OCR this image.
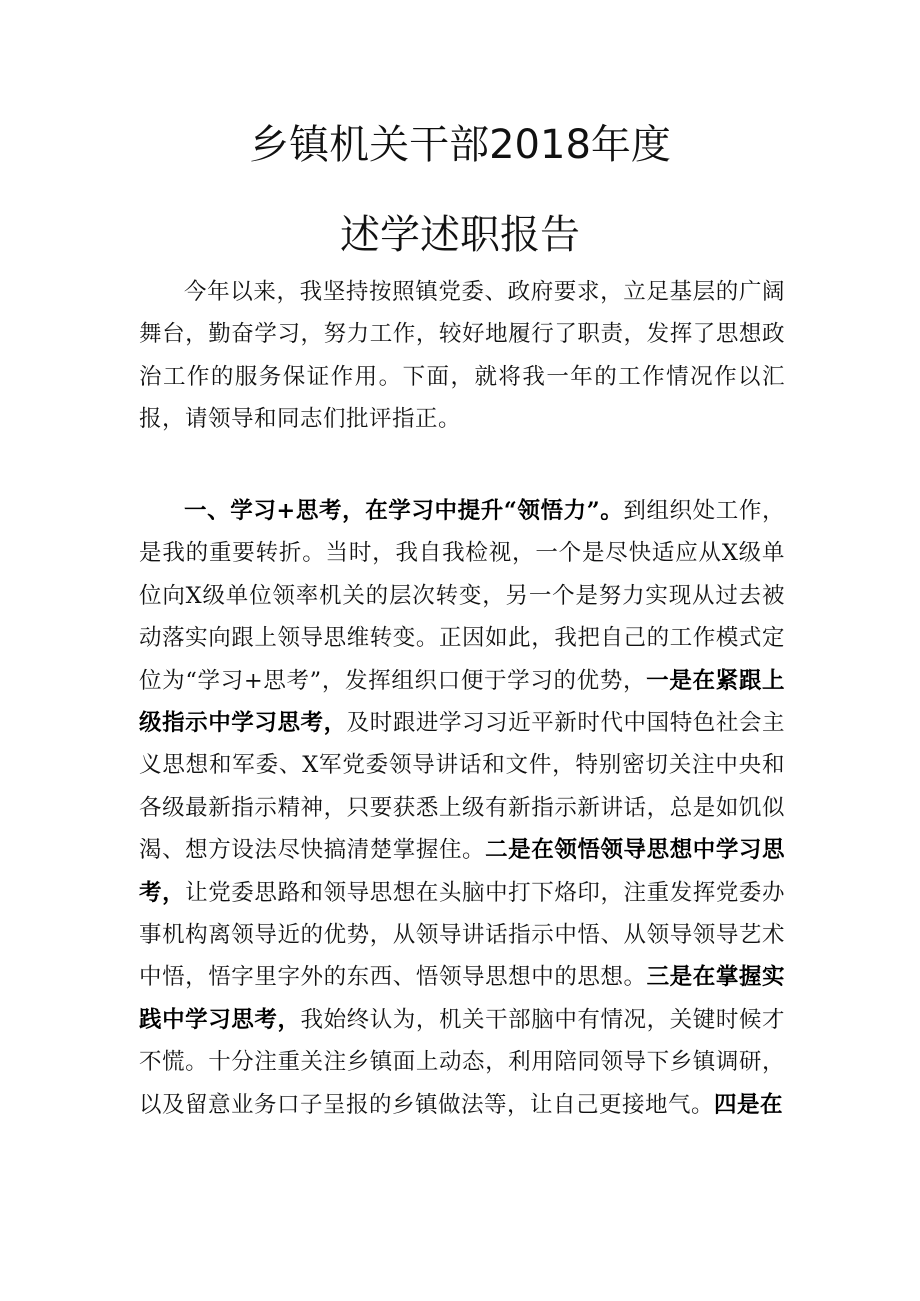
乡镇机关干部2018年度
述学述职报告

今年以来，我坚持按照镇党委、政府要求，立足基层的广阔舞台，勤奋学习，努力工作，较好地履行了职责，发挥了思想政治工作的服务保证作用。下面，就将我一年的工作情况作以汇报，请领导和同志们批评指正。

一、学习+思考，在学习中提升“领悟力”。到组织处工作，是我的重要转折。当时，我自我检视，一个是尽快适应从X级单位向X级单位领率机关的层次转变，另一个是努力实现从过去被动落实向跟上领导思维转变。正因如此，我把自己的工作模式定位为“学习+思考”，发挥组织口便于学习的优势，一是在紧跟上级指示中学习思考，及时跟进学习习近平新时代中国特色社会主义思想和军委、X军党委领导讲话和文件，特别密切关注中央和各级最新指示精神，只要获悉上级有新指示新讲话，总是如饥似渴、想方设法尽快搞清楚掌握住。二是在领悟领导思想中学习思考，让党委思路和领导思想在头脑中打下烙印，注重发挥党委办事机构离领导近的优势，从领导讲话指示中悟、从领导领导艺术中悟，悟字里字外的东西、悟领导思想中的思想。三是在掌握实践中学习思考，我始终认为，机关干部脑中有情况，关键时候才不慌。十分注重关注乡镇面上动态，利用陪同领导下乡镇调研，以及留意业务口子呈报的乡镇做法等，让自己更接地气。四是在
